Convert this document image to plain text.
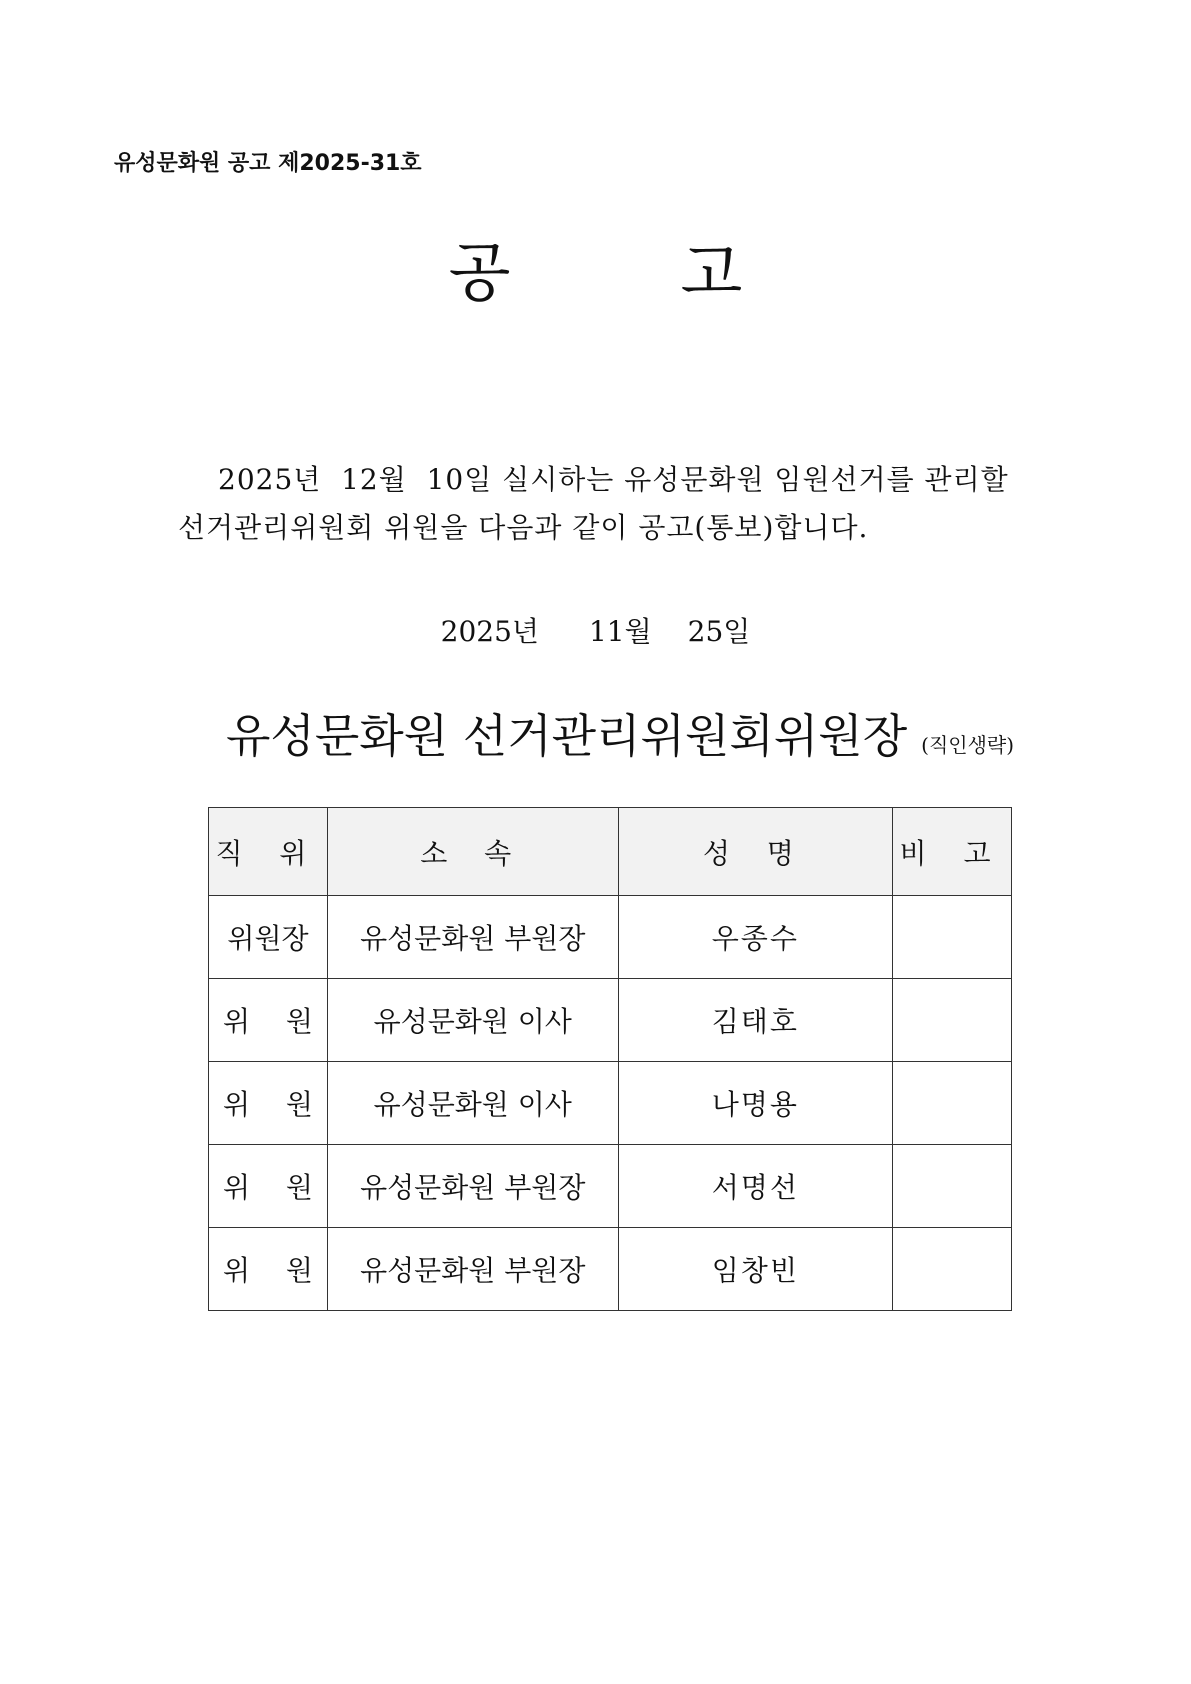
유성문화원 공고 제2025-31호
공	고
2025년  12월  10일 실시하는 유성문화원 임원선거를 관리할
선거관리위원회 위원을 다음과 같이 공고(통보)합니다.
2025년 11월 25일
유성문화원 선거관리위원회위원장 (직인생략)
직 위	소 속	성 명	비 고
위원장	유성문화원 부원장	우종수	

위 원	유성문화원 이사	김태호	

위 원	유성문화원 이사	나명용	

위 원	유성문화원 부원장	서명선	

위 원	유성문화원 부원장	임창빈	
